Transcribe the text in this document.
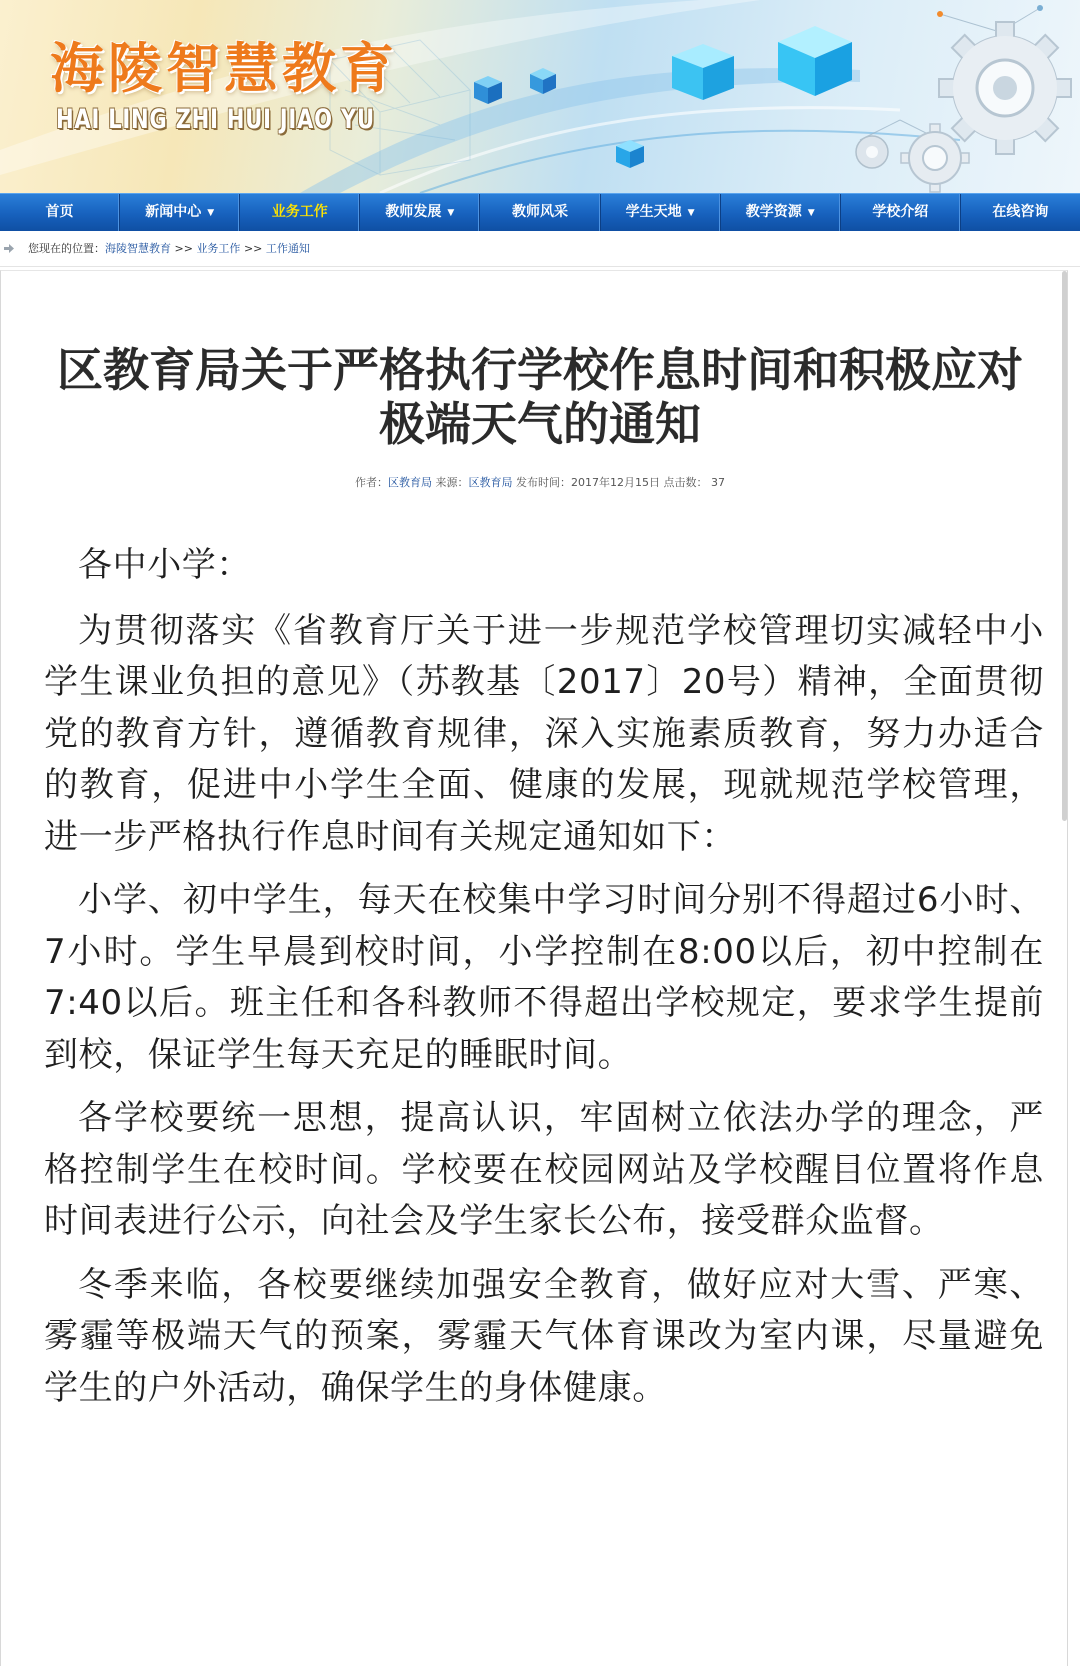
海陵智慧教育
HAI LING ZHI HUI JIAO YU
首页	新闻中心 ▼	业务工作	教师发展 ▼	教师风采	学生天地 ▼	教学资源 ▼	学校介绍	在线咨询
您现在的位置：海陵智慧教育 >> 业务工作 >> 工作通知
区教育局关于严格执行学校作息时间和积极应对极端天气的通知
作者：区教育局 来源：区教育局 发布时间：2017年12月15日 点击数： 37

各中小学：

为贯彻落实《省教育厅关于进一步规范学校管理切实减轻中小学生课业负担的意见》（苏教基〔2017〕20号）精神，全面贯彻党的教育方针，遵循教育规律，深入实施素质教育，努力办适合的教育，促进中小学生全面、健康的发展，现就规范学校管理，进一步严格执行作息时间有关规定通知如下：

小学、初中学生，每天在校集中学习时间分别不得超过6小时、7小时。学生早晨到校时间，小学控制在8:00以后，初中控制在7:40以后。班主任和各科教师不得超出学校规定，要求学生提前到校，保证学生每天充足的睡眠时间。

各学校要统一思想，提高认识，牢固树立依法办学的理念，严格控制学生在校时间。学校要在校园网站及学校醒目位置将作息时间表进行公示，向社会及学生家长公布，接受群众监督。

冬季来临，各校要继续加强安全教育，做好应对大雪、严寒、雾霾等极端天气的预案，雾霾天气体育课改为室内课，尽量避免学生的户外活动，确保学生的身体健康。
